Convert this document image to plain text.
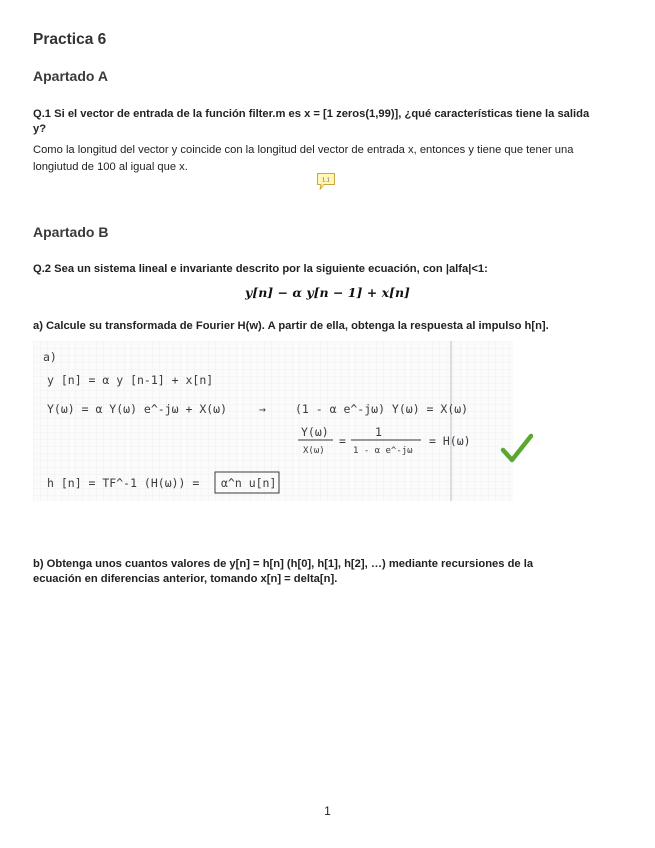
Practica 6
Apartado A
Q.1 Si el vector de entrada de la función filter.m es x = [1 zeros(1,99)], ¿qué características tiene la salida y?
Como la longitud del vector y coincide con la longitud del vector de entrada x, entonces y tiene que tener una
longiutud de 100 al igual que x.
1.1
Apartado B
Q.2 Sea un sistema lineal e invariante descrito por la siguiente ecuación, con |alfa|<1:
y[n] − α y[n − 1] + x[n]
a) Calcule su transformada de Fourier H(w). A partir de ella, obtenga la respuesta al impulso h[n].
a)
y [n] = α y [n-1] + x[n]
Y(ω) = α Y(ω) e^-jω + X(ω)	→	(1 - α e^-jω) Y(ω) = X(ω)
Y(ω)
X(ω)
=
1
1 - α e^-jω
= H(ω)
h [n] = TF^-1 (H(ω)) = α^n u[n]
b) Obtenga unos cuantos valores de y[n] = h[n] (h[0], h[1], h[2], …) mediante recursiones de la
ecuación en diferencias anterior, tomando x[n] = delta[n].
1
